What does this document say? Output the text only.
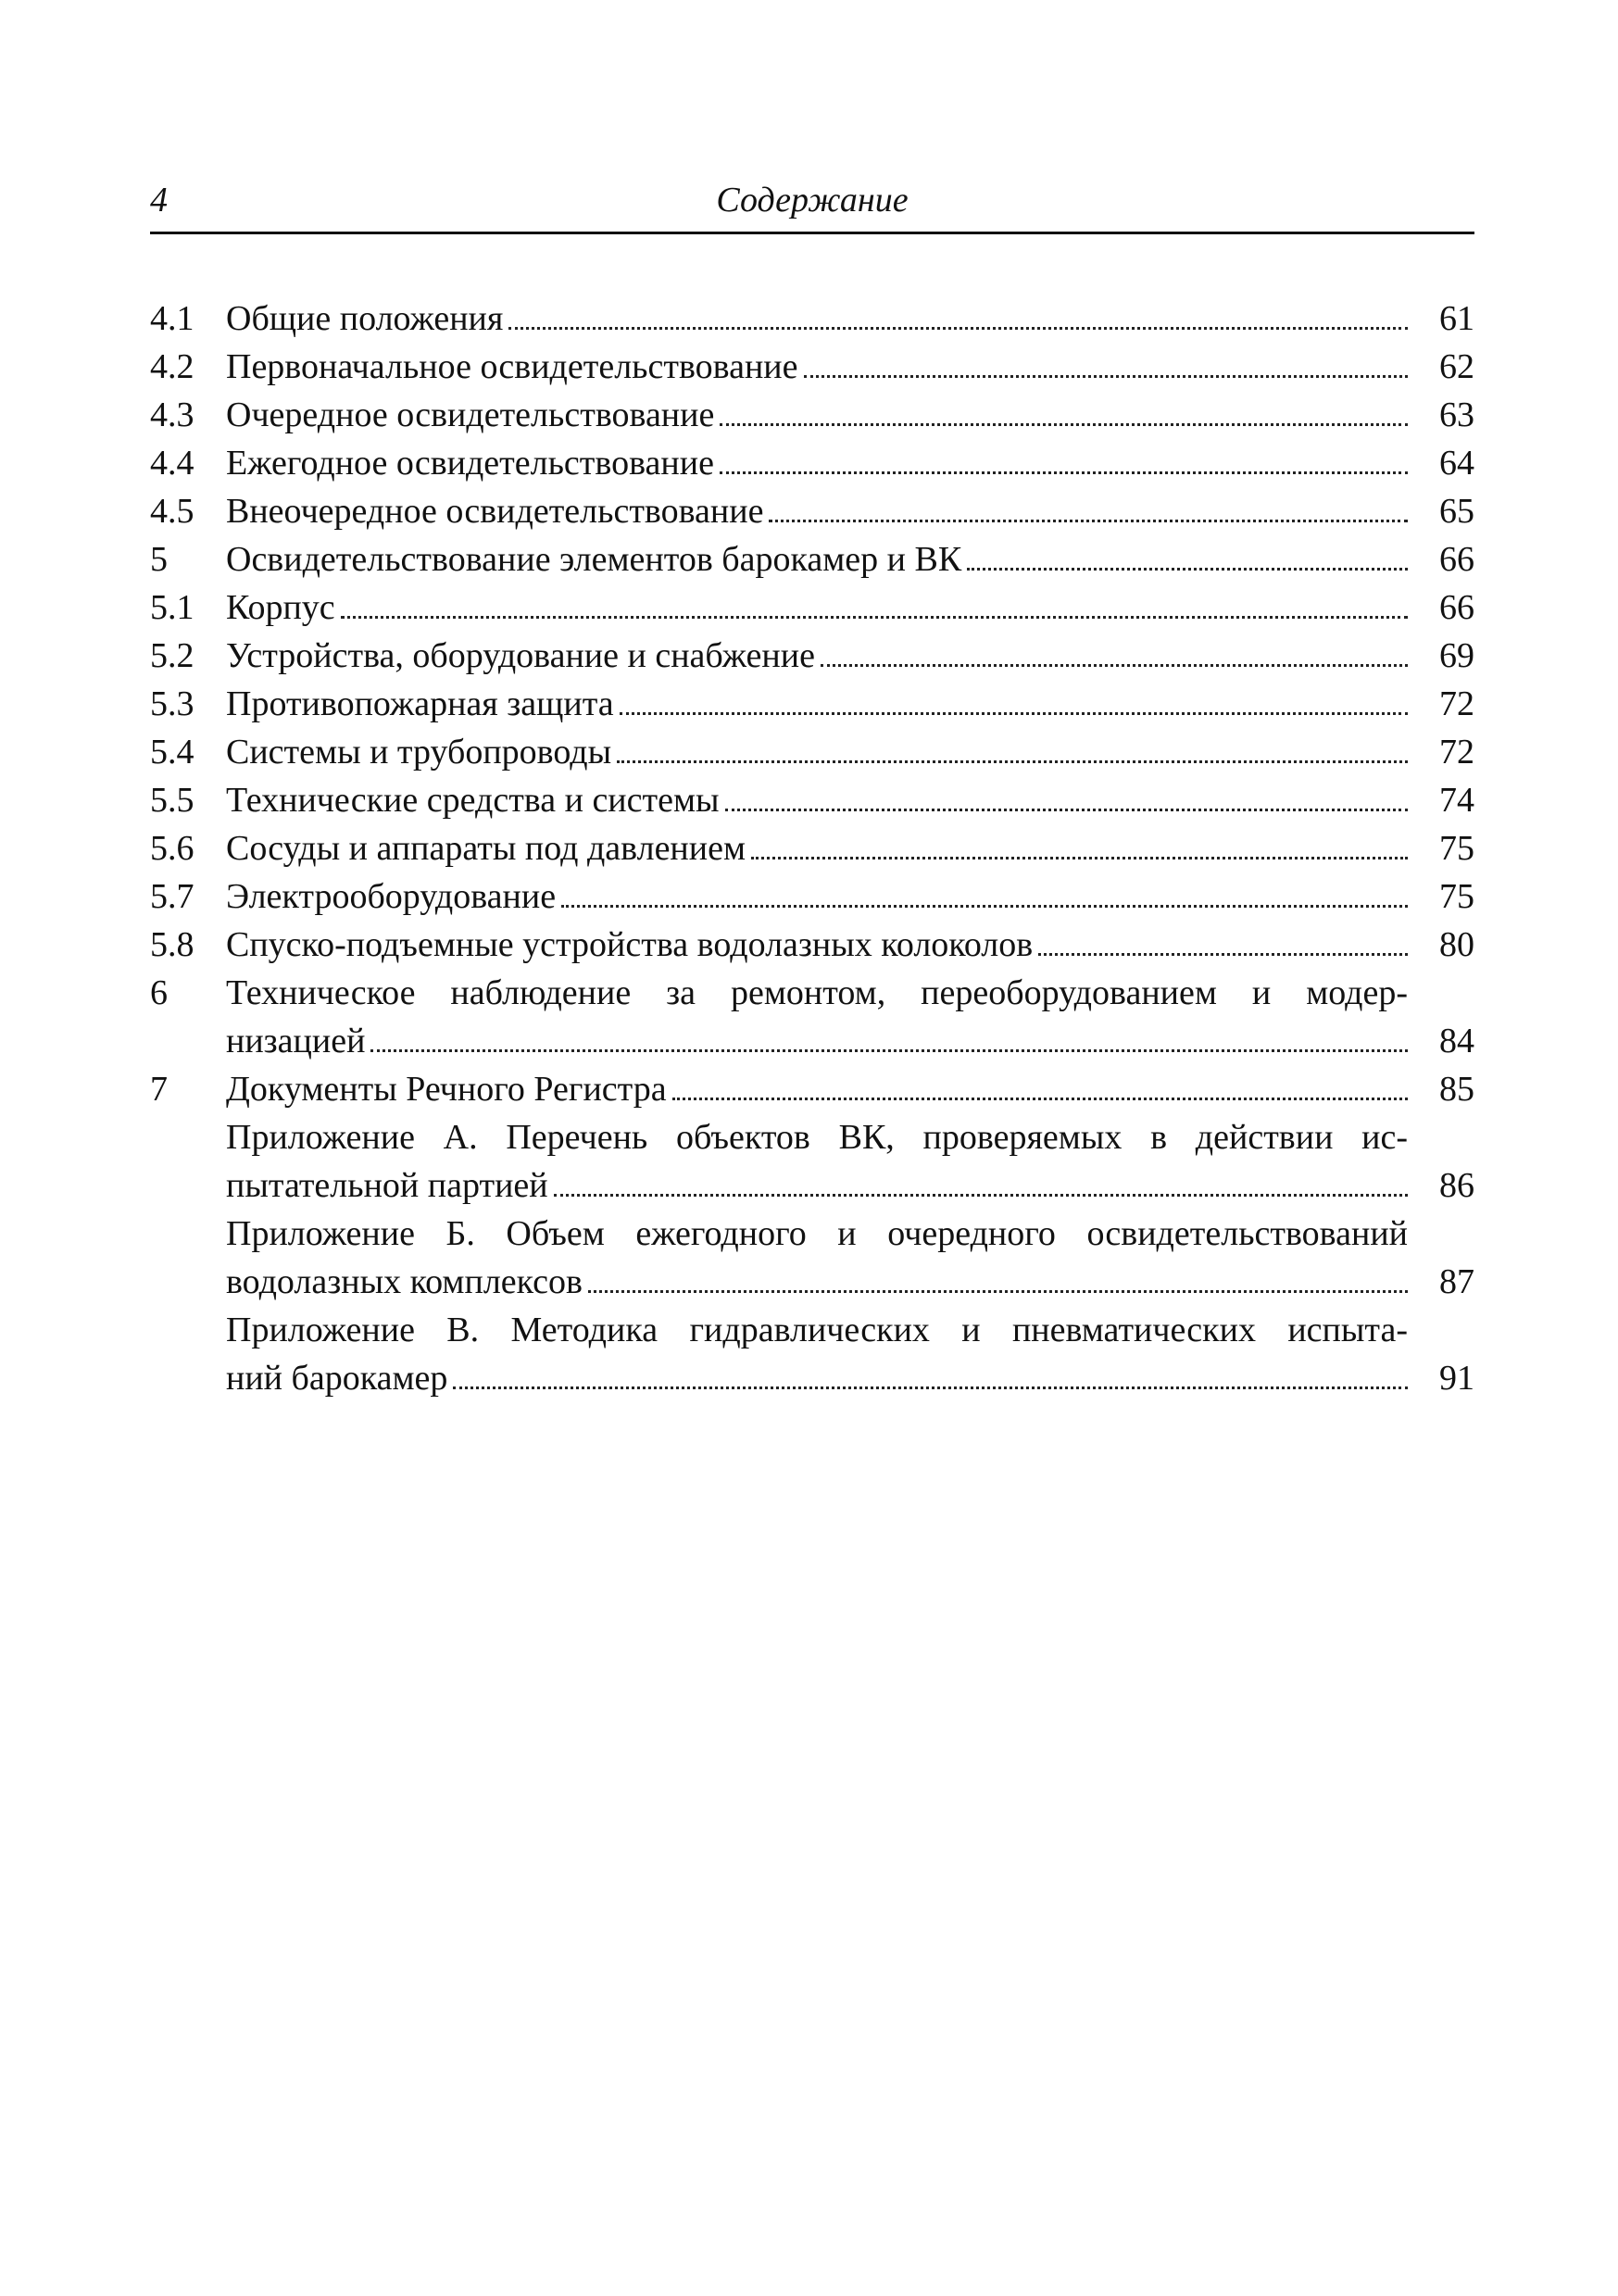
4	Содержание
4.1 Общие положения	61
4.2 Первоначальное освидетельствование	62
4.3 Очередное освидетельствование	63
4.4 Ежегодное освидетельствование	64
4.5 Внеочередное освидетельствование	65
5	Освидетельствование элементов барокамер и ВК	66
5.1 Корпус	66
5.2 Устройства, оборудование и снабжение	69
5.3 Противопожарная защита	72
5.4 Системы и трубопроводы	72
5.5 Технические средства и системы	74
5.6 Сосуды и аппараты под давлением	75
5.7 Электрооборудование	75
5.8 Спуско-подъемные устройства водолазных колоколов	80
6	Техническое наблюдение за ремонтом, переоборудованием и модер-
низацией	84
7	Документы Речного Регистра	85
Приложение А. Перечень объектов ВК, проверяемых в действии ис-
пытательной партией	86
Приложение Б. Объем ежегодного и очередного освидетельствований
водолазных комплексов	87
Приложение В. Методика гидравлических и пневматических испыта-
ний барокамер	91
